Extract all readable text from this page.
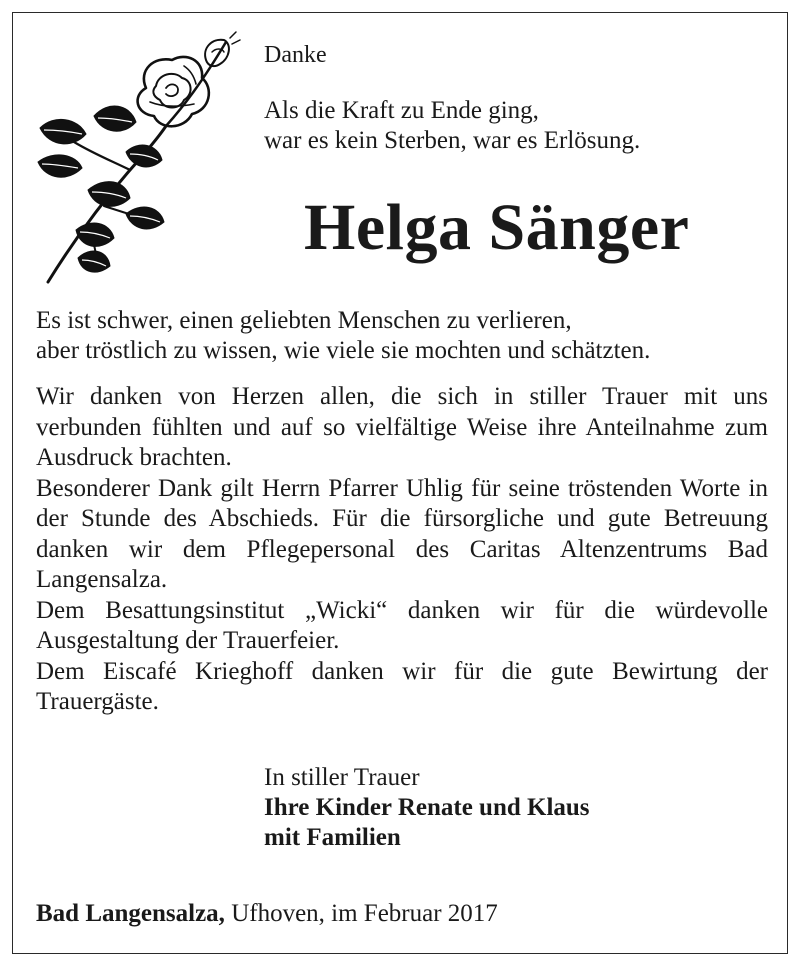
Danke
Als die Kraft zu Ende ging,
war es kein Sterben, war es Erlösung.
Helga Sänger
Es ist schwer, einen geliebten Menschen zu verlieren,
aber tröstlich zu wissen, wie viele sie mochten und schätzten.

Wir danken von Herzen allen, die sich in stiller Trauer mit uns verbunden fühlten und auf so vielfältige Weise ihre Anteilnahme zum Ausdruck brachten.

Besonderer Dank gilt Herrn Pfarrer Uhlig für seine tröstenden Worte in der Stunde des Abschieds. Für die fürsorgliche und gute Betreuung danken wir dem Pflegepersonal des Caritas Altenzentrums Bad Langensalza.

Dem Besattungsinstitut „Wicki“ danken wir für die würdevolle Ausgestaltung der Trauerfeier.

Dem Eiscafé Krieghoff danken wir für die gute Bewirtung der Trauergäste.

In stiller Trauer
Ihre Kinder Renate und Klaus
mit Familien
Bad Langensalza, Ufhoven, im Februar 2017
